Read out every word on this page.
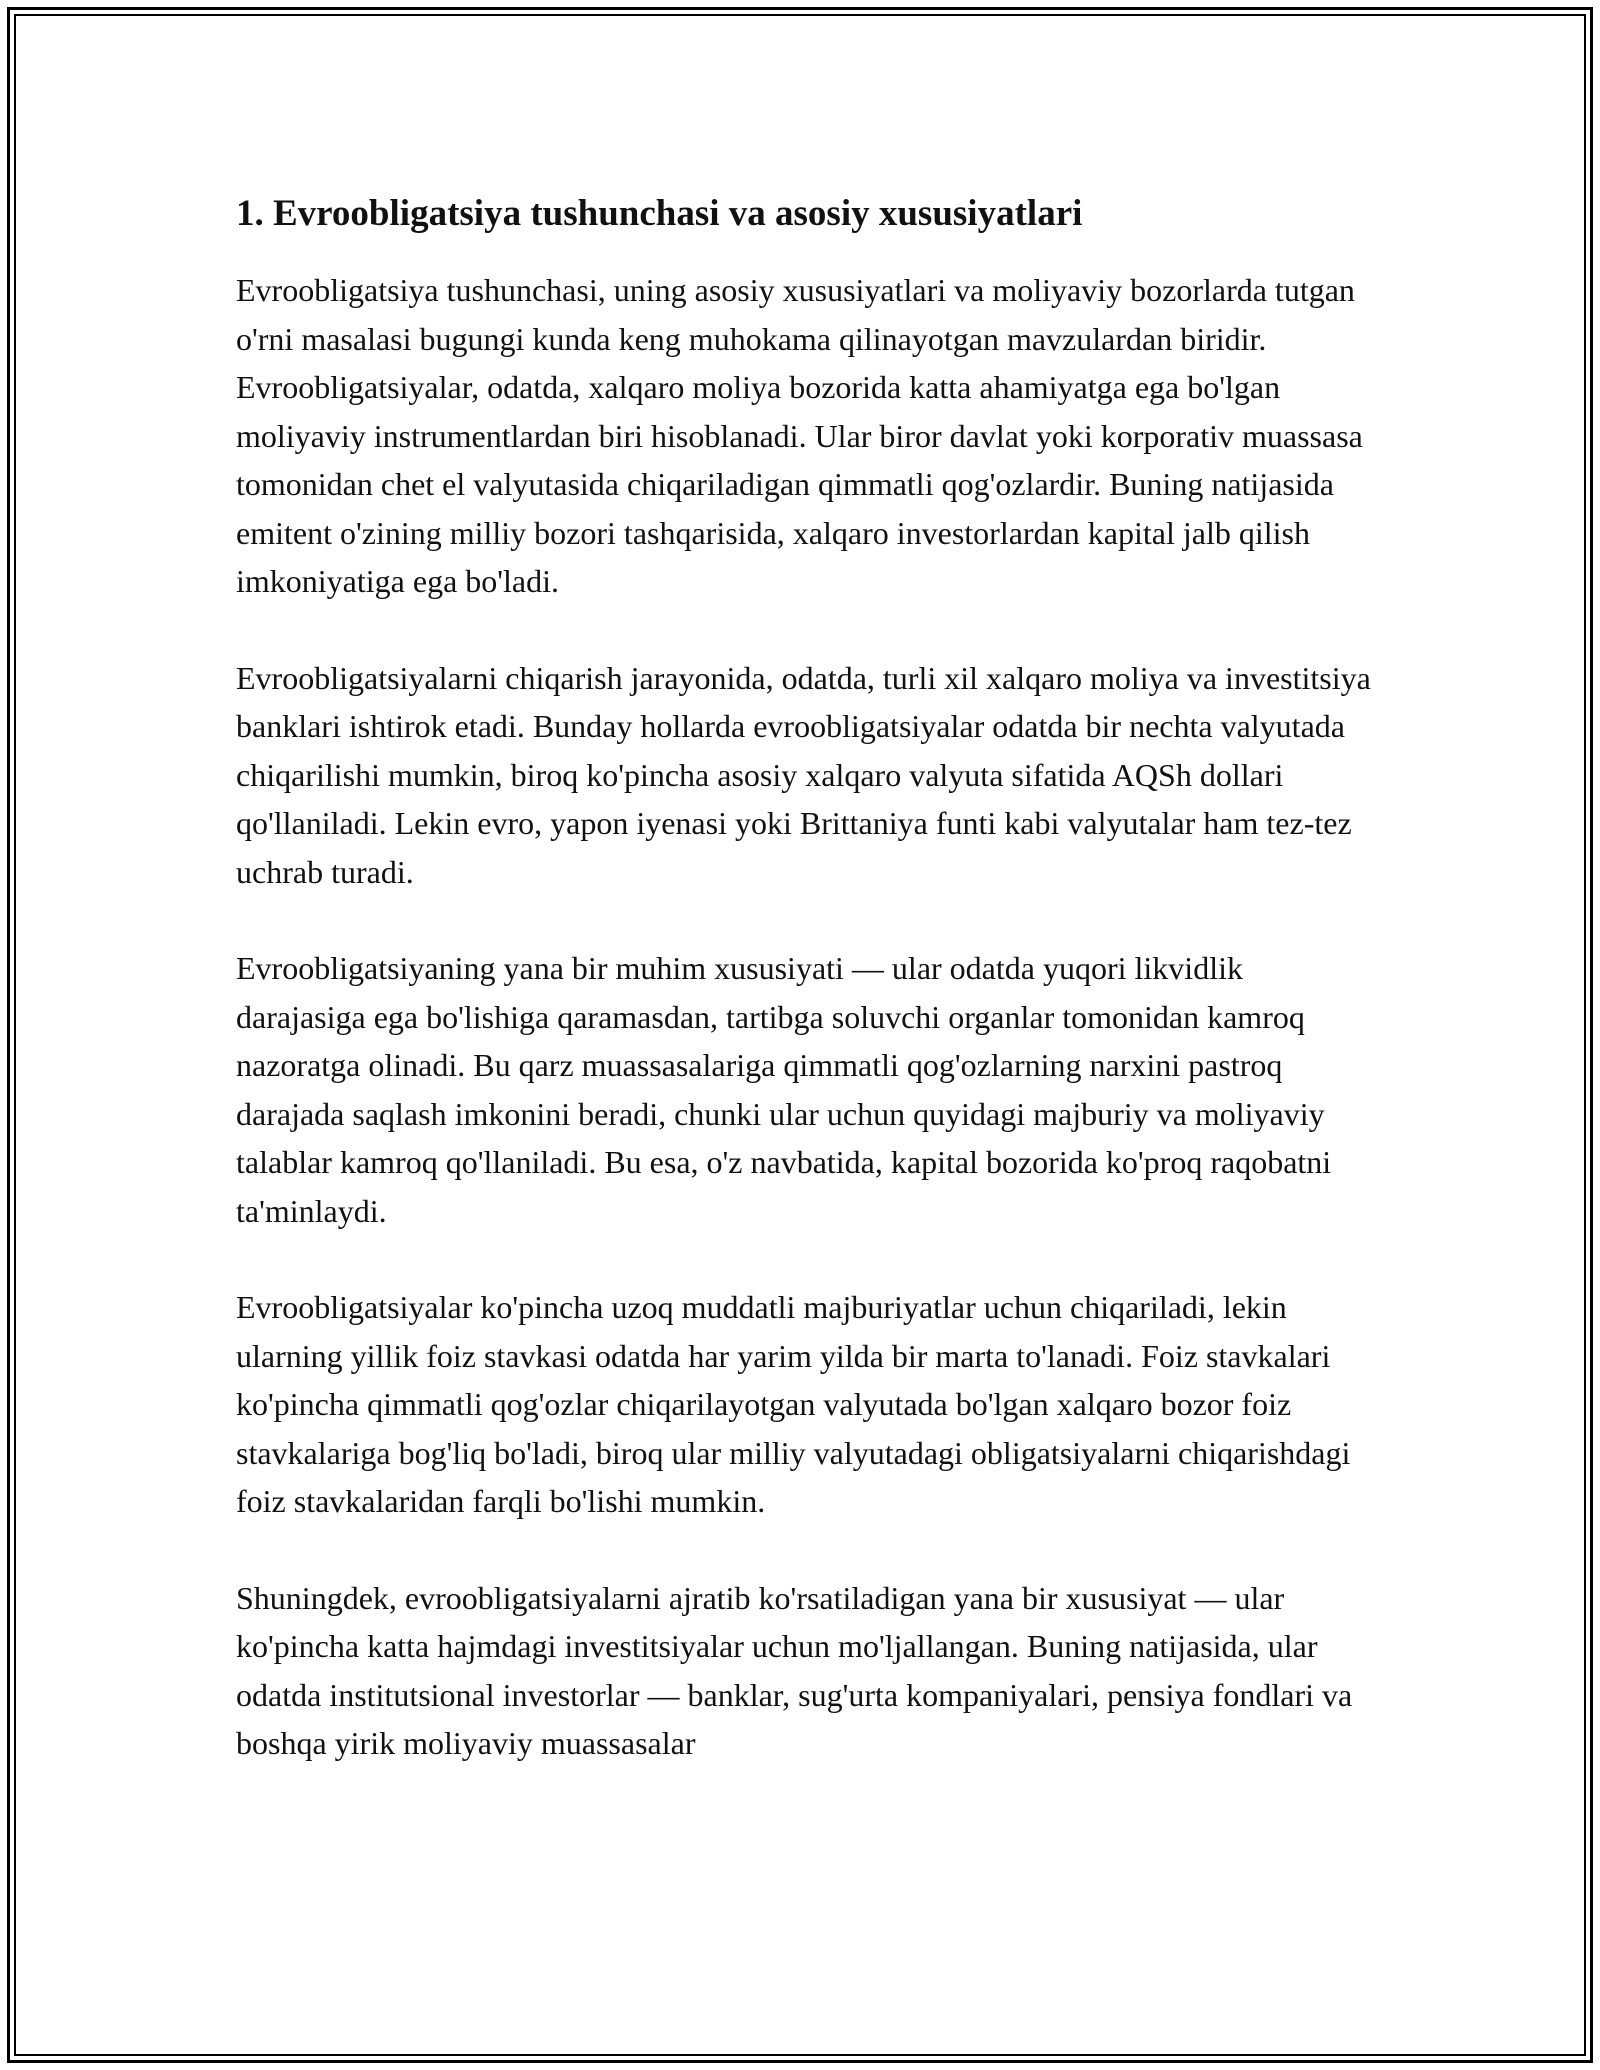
1. Evroobligatsiya tushunchasi va asosiy xususiyatlari

Evroobligatsiya tushunchasi, uning asosiy xususiyatlari va moliyaviy bozorlarda tutgan o'rni masalasi bugungi kunda keng muhokama qilinayotgan mavzulardan biridir. Evroobligatsiyalar, odatda, xalqaro moliya bozorida katta ahamiyatga ega bo'lgan moliyaviy instrumentlardan biri hisoblanadi. Ular biror davlat yoki korporativ muassasa tomonidan chet el valyutasida chiqariladigan qimmatli qog'ozlardir. Buning natijasida emitent o'zining milliy bozori tashqarisida, xalqaro investorlardan kapital jalb qilish imkoniyatiga ega bo'ladi.

Evroobligatsiyalarni chiqarish jarayonida, odatda, turli xil xalqaro moliya va investitsiya banklari ishtirok etadi. Bunday hollarda evroobligatsiyalar odatda bir nechta valyutada chiqarilishi mumkin, biroq ko'pincha asosiy xalqaro valyuta sifatida AQSh dollari qo'llaniladi. Lekin evro, yapon iyenasi yoki Brittaniya funti kabi valyutalar ham tez-tez uchrab turadi.

Evroobligatsiyaning yana bir muhim xususiyati — ular odatda yuqori likvidlik darajasiga ega bo'lishiga qaramasdan, tartibga soluvchi organlar tomonidan kamroq nazoratga olinadi. Bu qarz muassasalariga qimmatli qog'ozlarning narxini pastroq darajada saqlash imkonini beradi, chunki ular uchun quyidagi majburiy va moliyaviy talablar kamroq qo'llaniladi. Bu esa, o'z navbatida, kapital bozorida ko'proq raqobatni ta'minlaydi.

Evroobligatsiyalar ko'pincha uzoq muddatli majburiyatlar uchun chiqariladi, lekin ularning yillik foiz stavkasi odatda har yarim yilda bir marta to'lanadi. Foiz stavkalari ko'pincha qimmatli qog'ozlar chiqarilayotgan valyutada bo'lgan xalqaro bozor foiz stavkalariga bog'liq bo'ladi, biroq ular milliy valyutadagi obligatsiyalarni chiqarishdagi foiz stavkalaridan farqli bo'lishi mumkin.

Shuningdek, evroobligatsiyalarni ajratib ko'rsatiladigan yana bir xususiyat — ular ko'pincha katta hajmdagi investitsiyalar uchun mo'ljallangan. Buning natijasida, ular odatda institutsional investorlar — banklar, sug'urta kompaniyalari, pensiya fondlari va boshqa yirik moliyaviy muassasalar
